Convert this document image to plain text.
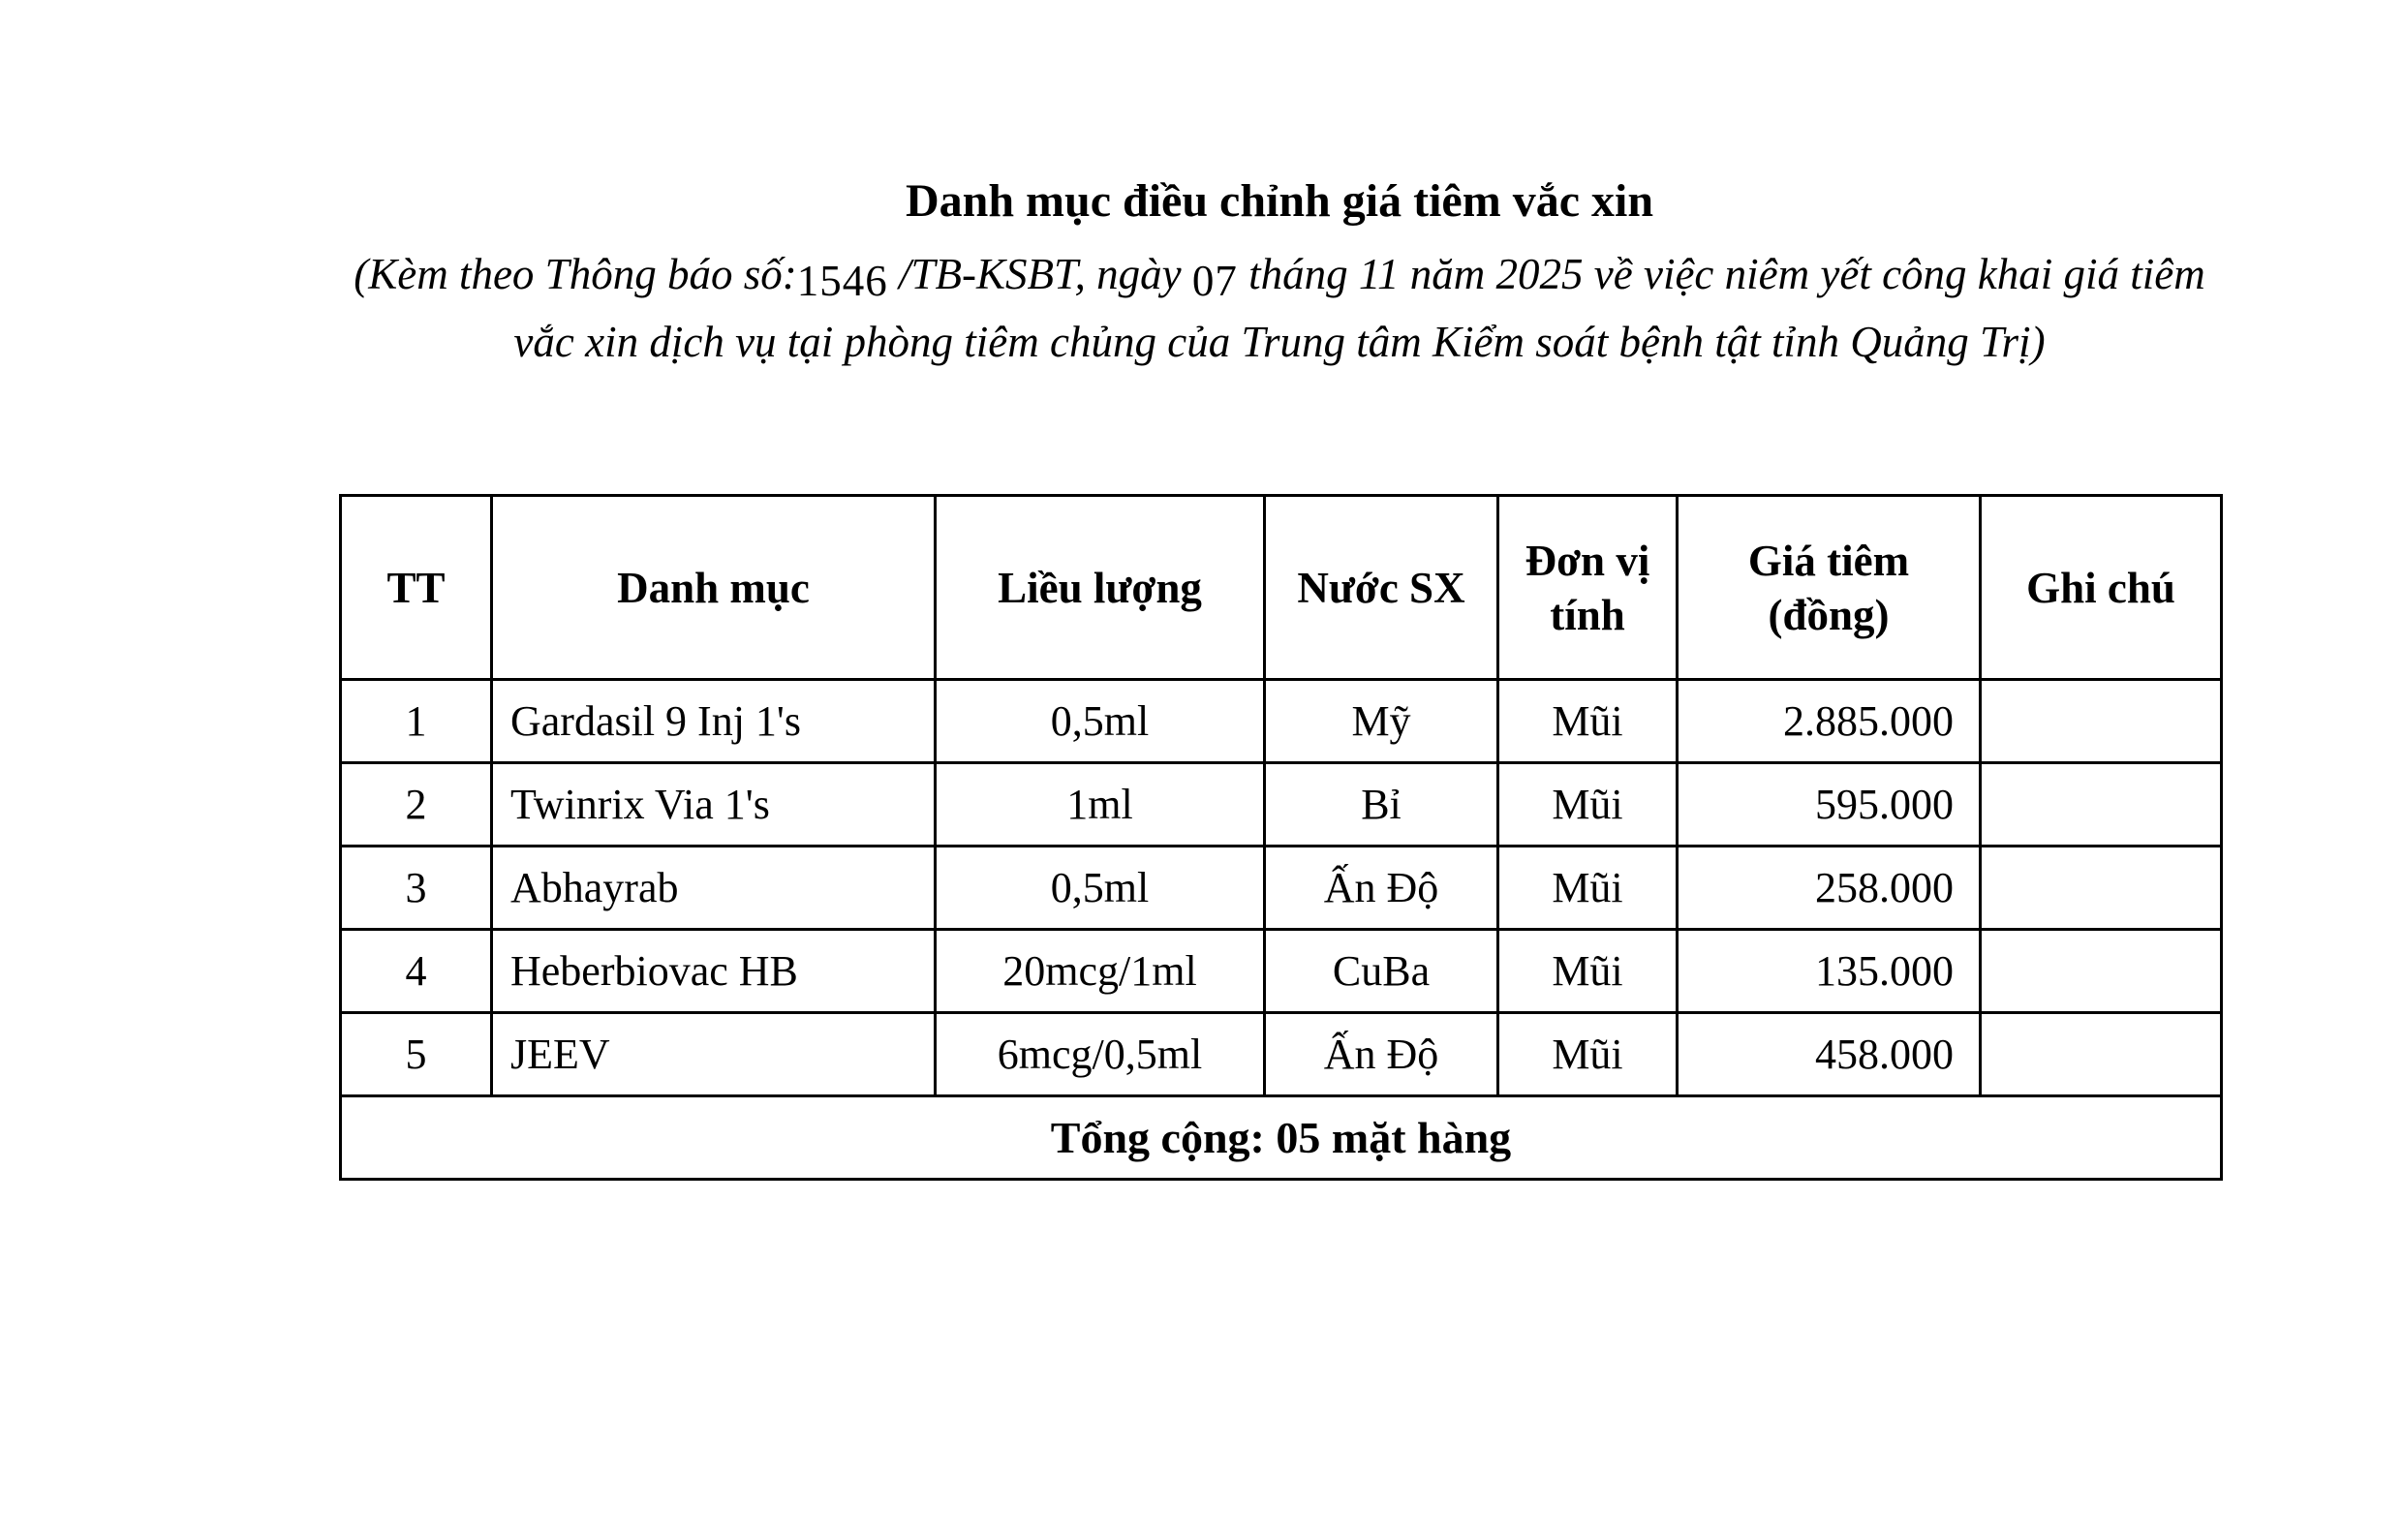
Danh mục điều chỉnh giá tiêm vắc xin

(Kèm theo Thông báo số:1546 /TB-KSBT, ngày 07 tháng 11 năm 2025 về việc niêm yết công khai giá tiêm vắc xin dịch vụ tại phòng tiêm chủng của Trung tâm Kiểm soát bệnh tật tỉnh Quảng Trị)

TT	Danh mục	Liều lượng	Nước SX	Đơn vị tính	Giá tiêm (đồng)	Ghi chú
1	Gardasil 9 Inj 1's	0,5ml	Mỹ	Mũi	2.885.000	
2	Twinrix Via 1's	1ml	Bỉ	Mũi	595.000	
3	Abhayrab	0,5ml	Ấn Độ	Mũi	258.000	
4	Heberbiovac HB	20mcg/1ml	CuBa	Mũi	135.000	
5	JEEV	6mcg/0,5ml	Ấn Độ	Mũi	458.000	
Tổng cộng: 05 mặt hàng						
